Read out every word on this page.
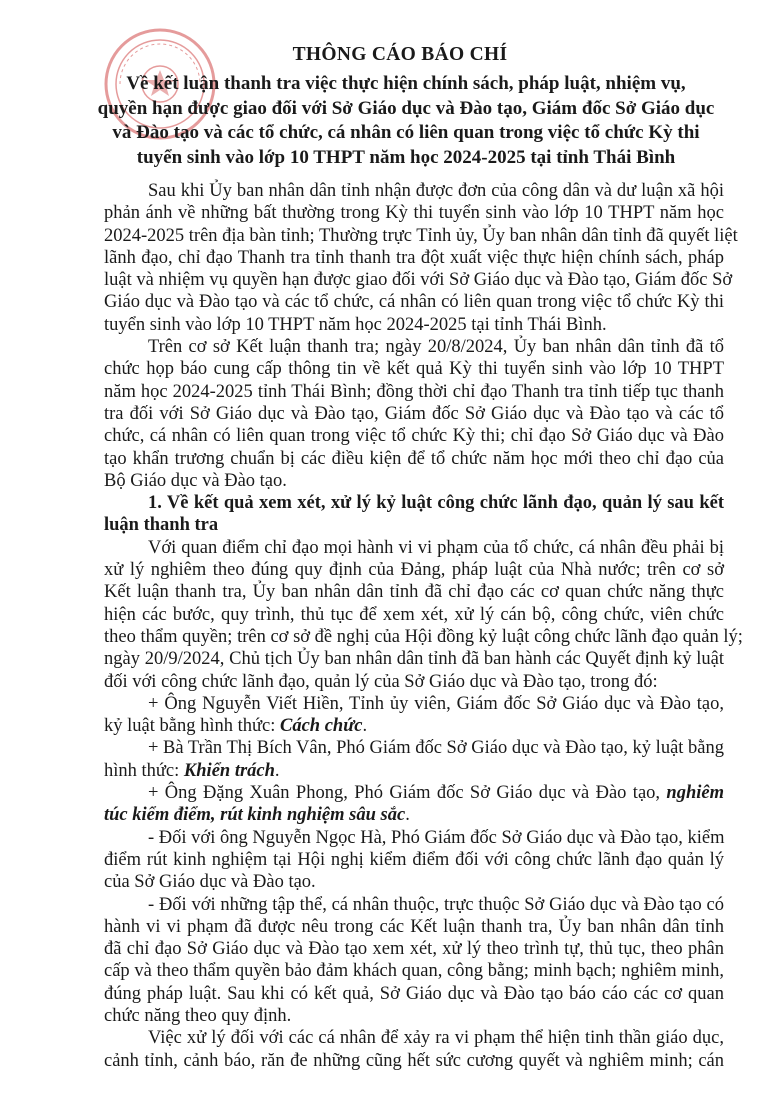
THÔNG CÁO BÁO CHÍ
Về kết luận thanh tra việc thực hiện chính sách, pháp luật, nhiệm vụ,
quyền hạn được giao đối với Sở Giáo dục và Đào tạo, Giám đốc Sở Giáo dục
và Đào tạo và các tổ chức, cá nhân có liên quan trong việc tổ chức Kỳ thi
tuyển sinh vào lớp 10 THPT năm học 2024-2025 tại tỉnh Thái Bình
Sau khi Ủy ban nhân dân tỉnh nhận được đơn của công dân và dư luận xã hội
phản ánh về những bất thường trong Kỳ thi tuyển sinh vào lớp 10 THPT năm học
2024-2025 trên địa bàn tỉnh; Thường trực Tỉnh ủy, Ủy ban nhân dân tỉnh đã quyết liệt
lãnh đạo, chỉ đạo Thanh tra tỉnh thanh tra đột xuất việc thực hiện chính sách, pháp
luật và nhiệm vụ quyền hạn được giao đối với Sở Giáo dục và Đào tạo, Giám đốc Sở
Giáo dục và Đào tạo và các tổ chức, cá nhân có liên quan trong việc tổ chức Kỳ thi
tuyển sinh vào lớp 10 THPT năm học 2024-2025 tại tỉnh Thái Bình.
Trên cơ sở Kết luận thanh tra; ngày 20/8/2024, Ủy ban nhân dân tỉnh đã tổ
chức họp báo cung cấp thông tin về kết quả Kỳ thi tuyển sinh vào lớp 10 THPT
năm học 2024-2025 tỉnh Thái Bình; đồng thời chỉ đạo Thanh tra tỉnh tiếp tục thanh
tra đối với Sở Giáo dục và Đào tạo, Giám đốc Sở Giáo dục và Đào tạo và các tổ
chức, cá nhân có liên quan trong việc tổ chức Kỳ thi; chỉ đạo Sở Giáo dục và Đào
tạo khẩn trương chuẩn bị các điều kiện để tổ chức năm học mới theo chỉ đạo của
Bộ Giáo dục và Đào tạo.
1. Về kết quả xem xét, xử lý kỷ luật công chức lãnh đạo, quản lý sau kết
luận thanh tra
Với quan điểm chỉ đạo mọi hành vi vi phạm của tổ chức, cá nhân đều phải bị
xử lý nghiêm theo đúng quy định của Đảng, pháp luật của Nhà nước; trên cơ sở
Kết luận thanh tra, Ủy ban nhân dân tỉnh đã chỉ đạo các cơ quan chức năng thực
hiện các bước, quy trình, thủ tục để xem xét, xử lý cán bộ, công chức, viên chức
theo thẩm quyền; trên cơ sở đề nghị của Hội đồng kỷ luật công chức lãnh đạo quản lý;
ngày 20/9/2024, Chủ tịch Ủy ban nhân dân tỉnh đã ban hành các Quyết định kỷ luật
đối với công chức lãnh đạo, quản lý của Sở Giáo dục và Đào tạo, trong đó:
+ Ông Nguyễn Viết Hiền, Tỉnh ủy viên, Giám đốc Sở Giáo dục và Đào tạo,
kỷ luật bằng hình thức: Cách chức.
+ Bà Trần Thị Bích Vân, Phó Giám đốc Sở Giáo dục và Đào tạo, kỷ luật bằng
hình thức: Khiển trách.
+ Ông Đặng Xuân Phong, Phó Giám đốc Sở Giáo dục và Đào tạo, nghiêm
túc kiểm điểm, rút kinh nghiệm sâu sắc.
- Đối với ông Nguyễn Ngọc Hà, Phó Giám đốc Sở Giáo dục và Đào tạo, kiểm
điểm rút kinh nghiệm tại Hội nghị kiểm điểm đối với công chức lãnh đạo quản lý
của Sở Giáo dục và Đào tạo.
- Đối với những tập thể, cá nhân thuộc, trực thuộc Sở Giáo dục và Đào tạo có
hành vi vi phạm đã được nêu trong các Kết luận thanh tra, Ủy ban nhân dân tỉnh
đã chỉ đạo Sở Giáo dục và Đào tạo xem xét, xử lý theo trình tự, thủ tục, theo phân
cấp và theo thẩm quyền bảo đảm khách quan, công bằng; minh bạch; nghiêm minh,
đúng pháp luật. Sau khi có kết quả, Sở Giáo dục và Đào tạo báo cáo các cơ quan
chức năng theo quy định.
Việc xử lý đối với các cá nhân để xảy ra vi phạm thể hiện tinh thần giáo dục,
cảnh tỉnh, cảnh báo, răn đe những cũng hết sức cương quyết và nghiêm minh; cán
